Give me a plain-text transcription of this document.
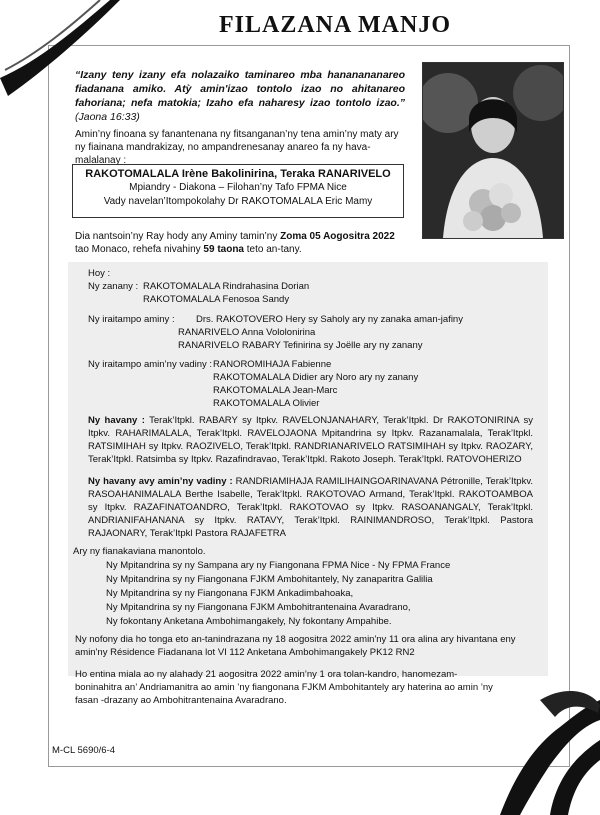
FILAZANA MANJO
“Izany teny izany efa nolazaiko taminareo mba hananananareo fiadanana amiko. Atỳ amin'izao tontolo izao no ahitanareo fahoriana; nefa matokia; Izaho efa naharesy izao tontolo izao.” (Jaona 16:33)
Amin’ny finoana sy fanantenana ny fitsanganan’ny tena amin’ny maty ary ny fiainana mandrakizay, no ampandrenesanay anareo fa ny hava-malalanay :
RAKOTOMALALA Irène Bakolinirina, Teraka RANARIVELO
Mpiandry - Diakona – Filohan’ny Tafo FPMA Nice
Vady navelan’Itompokolahy Dr RAKOTOMALALA Eric Mamy
Dia nantsoin’ny Ray hody any Aminy tamin’ny Zoma 05 Aogositra 2022 tao Monaco, rehefa nivahiny 59 taona teto an-tany.
Hoy :
Ny zanany : RAKOTOMALALA Rindrahasina Dorian
RAKOTOMALALA Fenosoa Sandy
Ny iraitampo aminy : Drs. RAKOTOVERO Hery sy Saholy ary ny zanaka aman-jafiny
RANARIVELO Anna Vololonirina
RANARIVELO RABARY Tefinirina sy Joëlle ary ny zanany
Ny iraitampo amin’ny vadiny : RANOROMIHAJA Fabienne
RAKOTOMALALA Didier ary Noro ary ny zanany
RAKOTOMALALA Jean-Marc
RAKOTOMALALA Olivier
Ny havany : Terak’Itpkl. RABARY sy Itpkv. RAVELONJANAHARY, Terak’Itpkl. Dr RAKOTONIRINA sy Itpkv. RAHARIMALALA, Terak’Itpkl. RAVELOJAONA Mpitandrina sy Itpkv. Razanamalala, Terak’Itpkl. RATSIMIHAH sy Itpkv. RAOZIVELO, Terak’Itpkl. RANDRIANARIVELO RATSIMIHAH sy Itpkv. RAOZARY, Terak’Itpkl. Ratsimba sy Itpkv. Razafindravao, Terak’Itpkl. Rakoto Joseph. Terak’Itpkl. RATOVOHERIZO
Ny havany avy amin’ny vadiny : RANDRIAMIHAJA RAMILIHAINGOARINAVANA Pétronille, Terak’Itpkv. RASOAHANIMALALA Berthe Isabelle, Terak’Itpkl. RAKOTOVAO Armand, Terak’Itpkl. RAKOTOAMBOA sy Itpkv. RAZAFINATOANDRO, Terak’Itpkl. RAKOTOVAO sy Itpkv. RASOANANGALY, Terak’Itpkl. ANDRIANIFAHANANA sy Itpkv. RATAVY, Terak’Itpkl. RAINIMANDROSO, Terak’Itpkl. Pastora RAJAONARY, Terak’Itpkl Pastora RAJAFETRA
Ary ny fianakaviana manontolo.
Ny Mpitandrina sy ny Sampana ary ny Fiangonana FPMA Nice - Ny FPMA France
Ny Mpitandrina sy ny Fiangonana FJKM Ambohitantely, Ny zanaparitra Galilia
Ny Mpitandrina sy ny Fiangonana FJKM Ankadimbahoaka,
Ny Mpitandrina sy ny Fiangonana FJKM Ambohitrantenaina Avaradrano,
Ny fokontany Anketana Ambohimangakely, Ny fokontany Ampahibe.
Ny nofony dia ho tonga eto an-tanindrazana ny 18 aogositra 2022 amin'ny 11 ora alina ary hivantana eny amin'ny Résidence Fiadanana lot VI 112 Anketana Ambohimangakely PK12 RN2
Ho entina miala ao ny alahady 21 aogositra 2022 amin’ny 1 ora tolan-kandro, hanomezam-boninahitra an’ Andriamanitra ao amin ’ny fiangonana FJKM Ambohitantely ary haterina ao amin ’ny fasan -drazany ao Ambohitrantenaina Avaradrano.
M-CL 5690/6-4
